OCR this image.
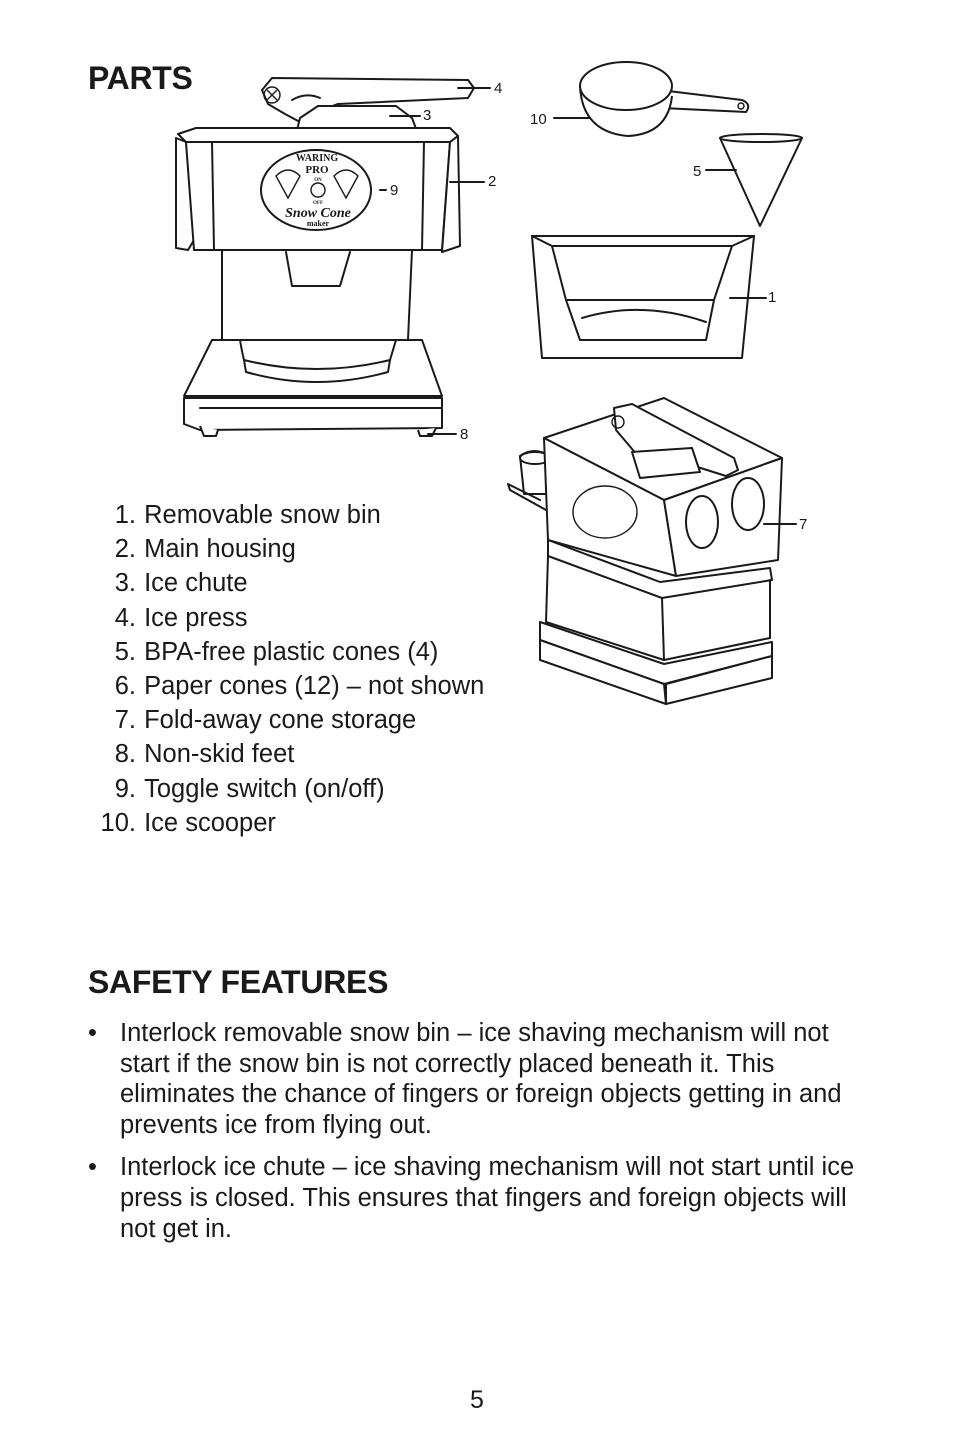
PARTS
WARING
PRO
ON
OFF
Snow Cone
maker
4
3
2
9
8
10
5
1
7
1.
Removable snow bin
2.
Main housing
3.
Ice chute
4.
Ice press
5.
BPA-free plastic cones (4)
6.
Paper cones (12) – not shown
7.
Fold-away cone storage
8.
Non-skid feet
9.
Toggle switch (on/off)
10.
Ice scooper
SAFETY FEATURES
• Interlock removable snow bin – ice shaving mechanism will not start if the snow bin is not correctly placed beneath it. This eliminates the chance of fingers or foreign objects getting in and prevents ice from flying out.
• Interlock ice chute – ice shaving mechanism will not start until ice press is closed. This ensures that fingers and foreign objects will not get in.
5
